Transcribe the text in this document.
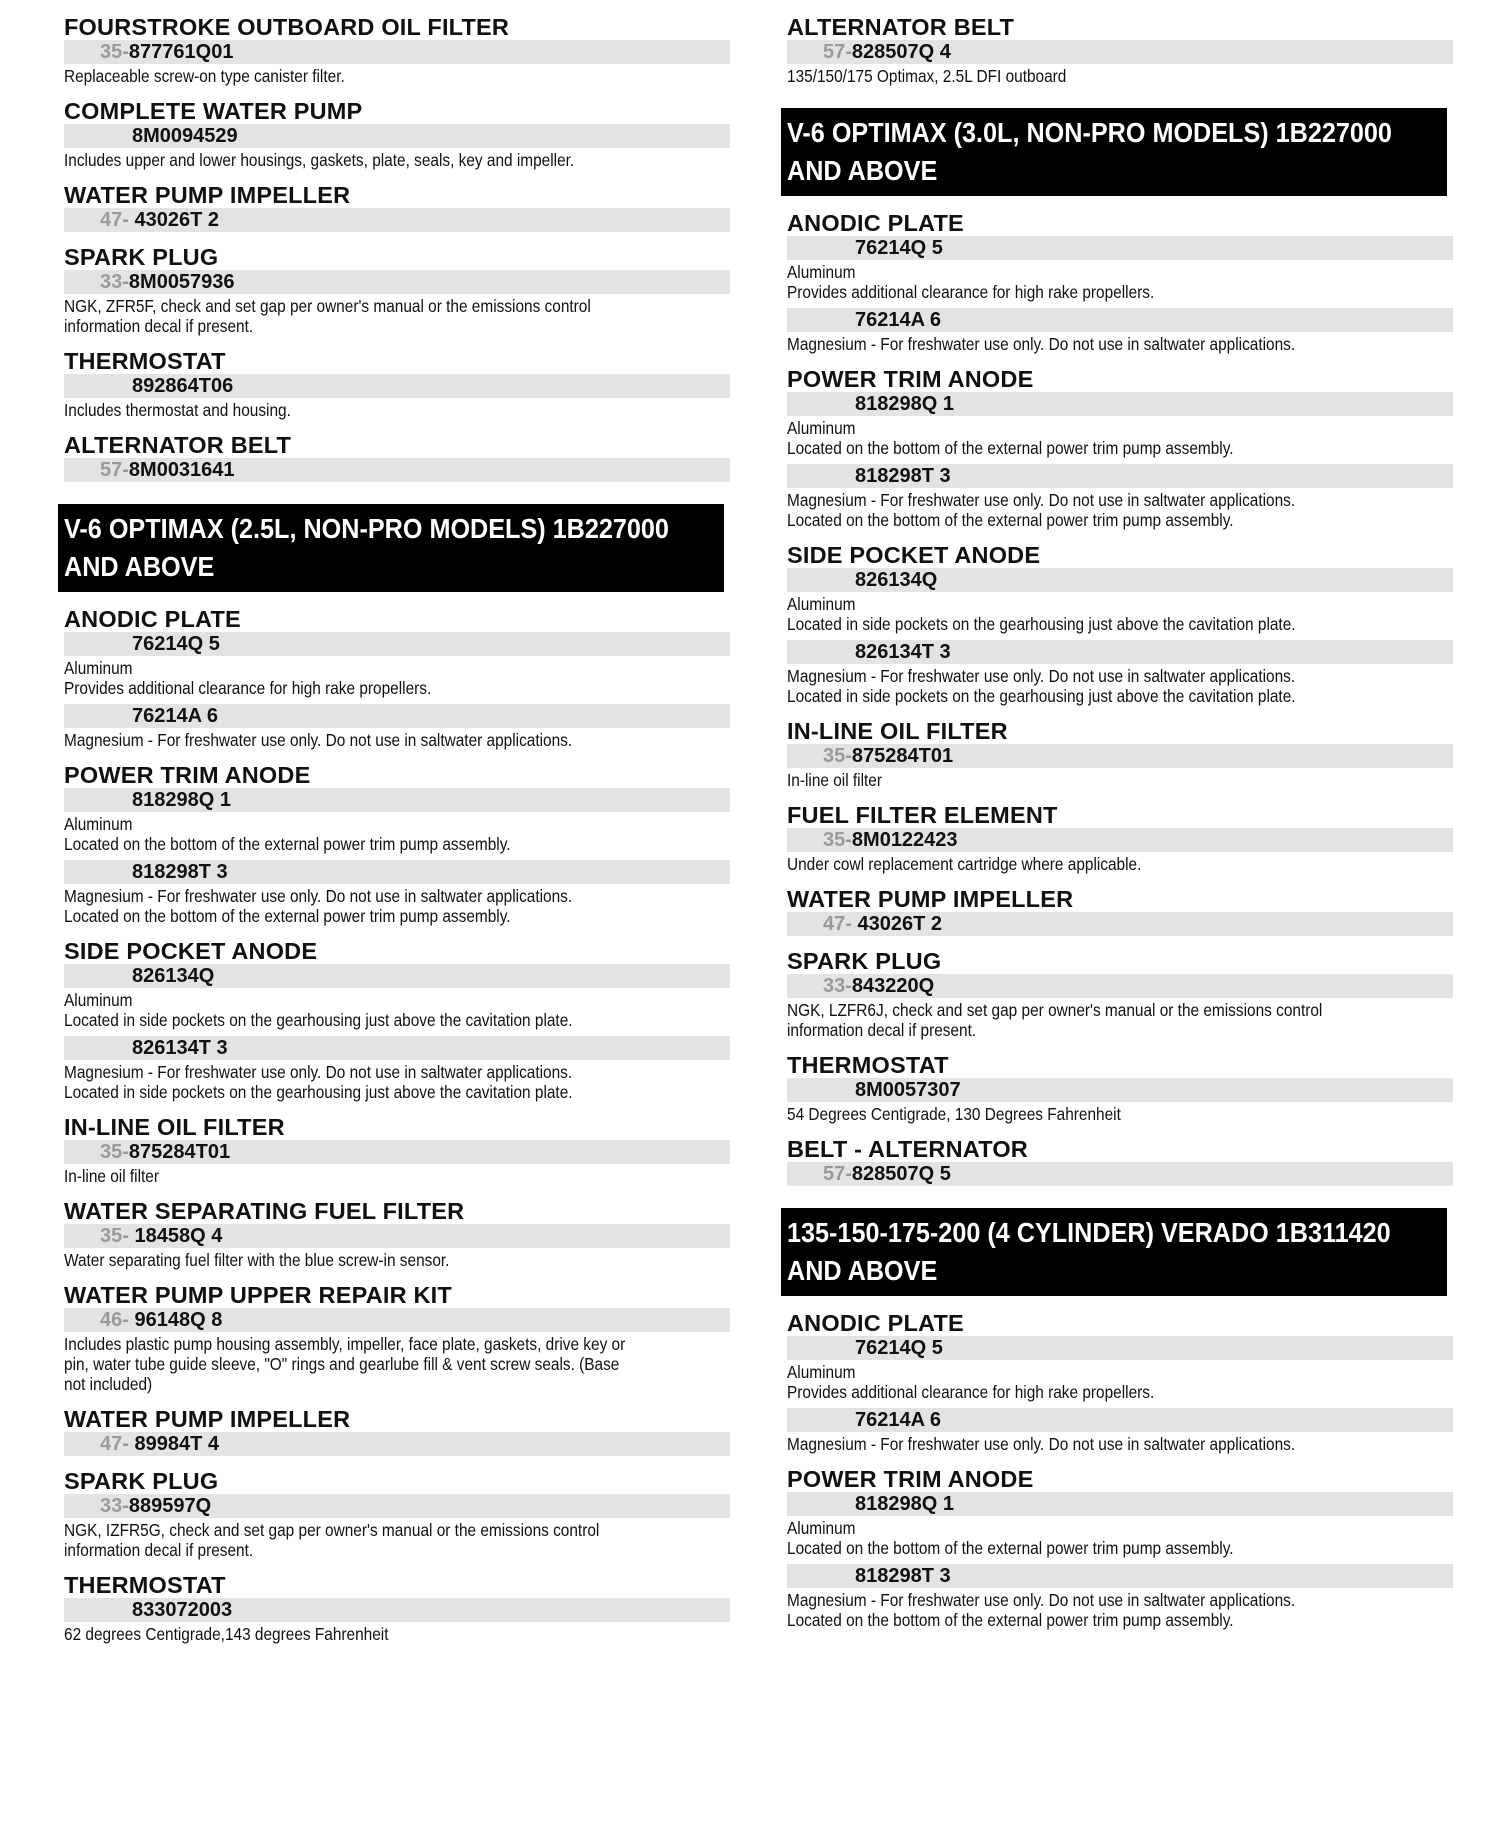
FOURSTROKE OUTBOARD OIL FILTER
35-877761Q01
Replaceable screw-on type canister filter.
COMPLETE WATER PUMP
8M0094529
Includes upper and lower housings, gaskets, plate, seals, key and impeller.
WATER PUMP IMPELLER
47- 43026T 2
SPARK PLUG
33-8M0057936
NGK, ZFR5F, check and set gap per owner's manual or the emissions control
information decal if present.
THERMOSTAT
892864T06
Includes thermostat and housing.
ALTERNATOR BELT
57-8M0031641
V-6 OPTIMAX (2.5L, NON-PRO MODELS) 1B227000
AND ABOVE
ANODIC PLATE
76214Q 5
Aluminum
Provides additional clearance for high rake propellers.
76214A 6
Magnesium - For freshwater use only. Do not use in saltwater applications.
POWER TRIM ANODE
818298Q 1
Aluminum
Located on the bottom of the external power trim pump assembly.
818298T 3
Magnesium - For freshwater use only. Do not use in saltwater applications.
Located on the bottom of the external power trim pump assembly.
SIDE POCKET ANODE
826134Q
Aluminum
Located in side pockets on the gearhousing just above the cavitation plate.
826134T 3
Magnesium - For freshwater use only. Do not use in saltwater applications.
Located in side pockets on the gearhousing just above the cavitation plate.
IN-LINE OIL FILTER
35-875284T01
In-line oil filter
WATER SEPARATING FUEL FILTER
35- 18458Q 4
Water separating fuel filter with the blue screw-in sensor.
WATER PUMP UPPER REPAIR KIT
46- 96148Q 8
Includes plastic pump housing assembly, impeller, face plate, gaskets, drive key or
pin, water tube guide sleeve, "O" rings and gearlube fill & vent screw seals. (Base
not included)
WATER PUMP IMPELLER
47- 89984T 4
SPARK PLUG
33-889597Q
NGK, IZFR5G, check and set gap per owner's manual or the emissions control
information decal if present.
THERMOSTAT
833072003
62 degrees Centigrade,143 degrees Fahrenheit
ALTERNATOR BELT
57-828507Q 4
135/150/175 Optimax, 2.5L DFI outboard
V-6 OPTIMAX (3.0L, NON-PRO MODELS) 1B227000
AND ABOVE
ANODIC PLATE
76214Q 5
Aluminum
Provides additional clearance for high rake propellers.
76214A 6
Magnesium - For freshwater use only. Do not use in saltwater applications.
POWER TRIM ANODE
818298Q 1
Aluminum
Located on the bottom of the external power trim pump assembly.
818298T 3
Magnesium - For freshwater use only. Do not use in saltwater applications.
Located on the bottom of the external power trim pump assembly.
SIDE POCKET ANODE
826134Q
Aluminum
Located in side pockets on the gearhousing just above the cavitation plate.
826134T 3
Magnesium - For freshwater use only. Do not use in saltwater applications.
Located in side pockets on the gearhousing just above the cavitation plate.
IN-LINE OIL FILTER
35-875284T01
In-line oil filter
FUEL FILTER ELEMENT
35-8M0122423
Under cowl replacement cartridge where applicable.
WATER PUMP IMPELLER
47- 43026T 2
SPARK PLUG
33-843220Q
NGK, LZFR6J, check and set gap per owner's manual or the emissions control
information decal if present.
THERMOSTAT
8M0057307
54 Degrees Centigrade, 130 Degrees Fahrenheit
BELT - ALTERNATOR
57-828507Q 5
135-150-175-200 (4 CYLINDER) VERADO 1B311420
AND ABOVE
ANODIC PLATE
76214Q 5
Aluminum
Provides additional clearance for high rake propellers.
76214A 6
Magnesium - For freshwater use only. Do not use in saltwater applications.
POWER TRIM ANODE
818298Q 1
Aluminum
Located on the bottom of the external power trim pump assembly.
818298T 3
Magnesium - For freshwater use only. Do not use in saltwater applications.
Located on the bottom of the external power trim pump assembly.
